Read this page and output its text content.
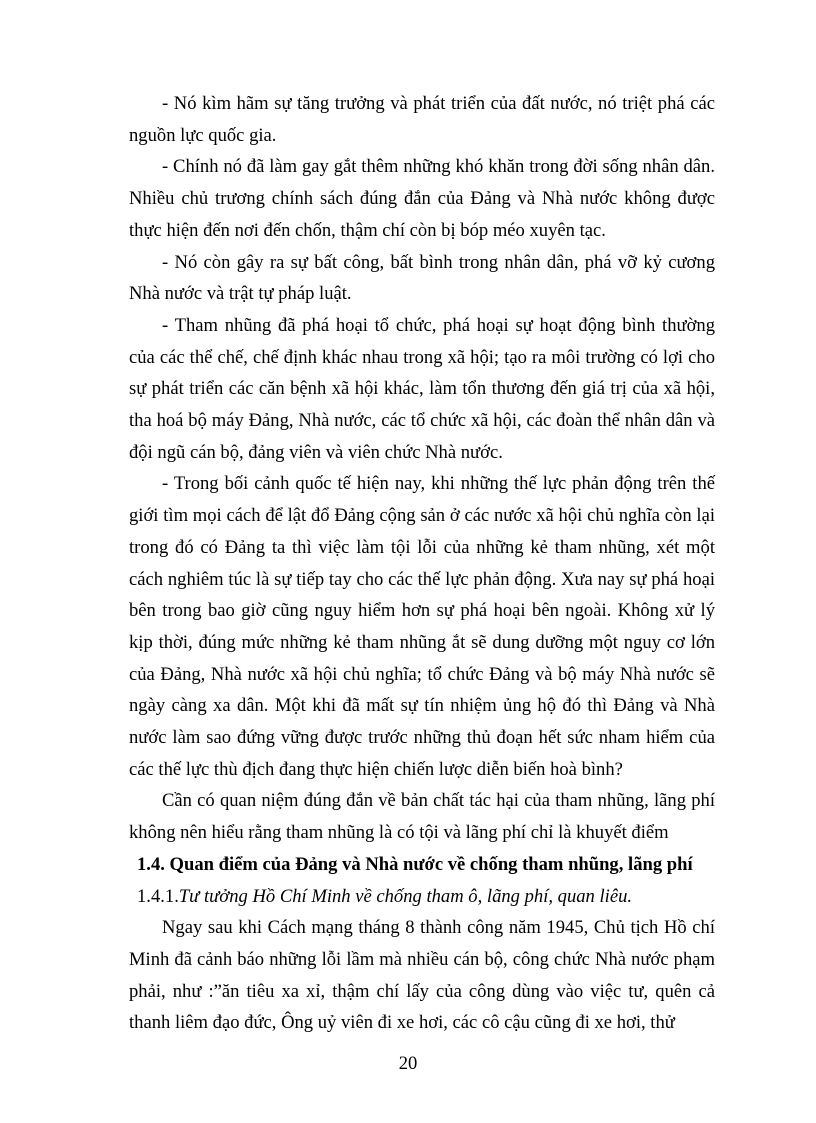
- Nó kìm hãm sự tăng trưởng và phát triển của đất nước, nó triệt phá các nguồn lực quốc gia.

- Chính nó đã làm gay gắt thêm những khó khăn trong đời sống nhân dân. Nhiều chủ trương chính sách đúng đắn của Đảng và Nhà nước không được thực hiện đến nơi đến chốn, thậm chí còn bị bóp méo xuyên tạc.

- Nó còn gây ra sự bất công, bất bình trong nhân dân, phá vỡ kỷ cương Nhà nước và trật tự pháp luật.

- Tham nhũng đã phá hoại tổ chức, phá hoại sự hoạt động bình thường của các thể chế, chế định khác nhau trong xã hội; tạo ra môi trường có lợi cho sự phát triển các căn bệnh xã hội khác, làm tổn thương đến giá trị của xã hội, tha hoá bộ máy Đảng, Nhà nước, các tổ chức xã hội, các đoàn thể nhân dân và đội ngũ cán bộ, đảng viên và viên chức Nhà nước.

- Trong bối cảnh quốc tế hiện nay, khi những thế lực phản động trên thế giới tìm mọi cách để lật đổ Đảng cộng sản ở các nước xã hội chủ nghĩa còn lại trong đó có Đảng ta thì việc làm tội lỗi của những kẻ tham nhũng, xét một cách nghiêm túc là sự tiếp tay cho các thế lực phản động. Xưa nay sự phá hoại bên trong bao giờ cũng nguy hiểm hơn sự phá hoại bên ngoài. Không xử lý kịp thời, đúng mức những kẻ tham nhũng ắt sẽ dung dưỡng một nguy cơ lớn của Đảng, Nhà nước xã hội chủ nghĩa; tổ chức Đảng và bộ máy Nhà nước sẽ ngày càng xa dân. Một khi đã mất sự tín nhiệm ủng hộ đó thì Đảng và Nhà nước làm sao đứng vững được trước những thủ đoạn hết sức nham hiểm của các thế lực thù địch đang thực hiện chiến lược diễn biến hoà bình?

Cần có quan niệm đúng đắn về bản chất tác hại của tham nhũng, lãng phí không nên hiểu rằng tham nhũng là có tội và lãng phí chỉ là khuyết điểm

1.4. Quan điểm của Đảng và Nhà nước về chống tham nhũng, lãng phí

1.4.1.Tư tưởng Hồ Chí Minh về chống tham ô, lãng phí, quan liêu.

Ngay sau khi Cách mạng tháng 8 thành công năm 1945, Chủ tịch Hồ chí Minh đã cảnh báo những lỗi lầm mà nhiều cán bộ, công chức Nhà nước phạm phải, như :”ăn tiêu xa xỉ, thậm chí lấy của công dùng vào việc tư, quên cả thanh liêm đạo đức, Ông uỷ viên đi xe hơi, các cô cậu cũng đi xe hơi, thử

20
